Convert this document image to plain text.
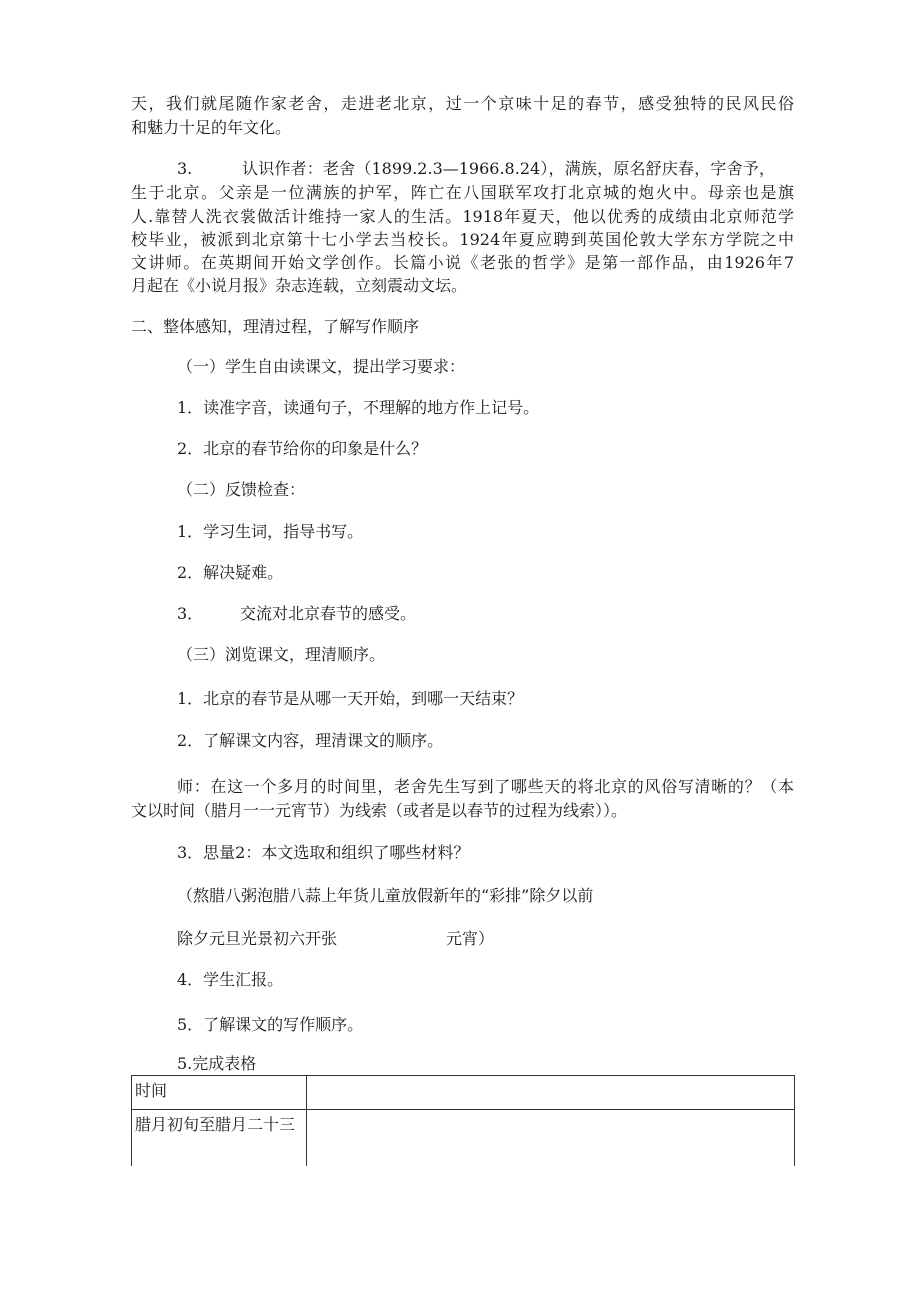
天，我们就尾随作家老舍，走进老北京，过一个京味十足的春节，感受独特的民风民俗
和魅力十足的年文化。
3.	认识作者：老舍（1899.2.3—1966.8.24），满族，原名舒庆春，字舍予，
生于北京。父亲是一位满族的护军，阵亡在八国联军攻打北京城的炮火中。母亲也是旗
人.靠替人洗衣裳做活计维持一家人的生活。1918年夏天，他以优秀的成绩由北京师范学
校毕业，被派到北京第十七小学去当校长。1924年夏应聘到英国伦敦大学东方学院之中
文讲师。在英期间开始文学创作。长篇小说《老张的哲学》是第一部作品，由1926年7
月起在《小说月报》杂志连载，立刻震动文坛。
二、整体感知，理清过程，了解写作顺序
（一）学生自由读课文，提出学习要求：
1．读准字音，读通句子，不理解的地方作上记号。
2．北京的春节给你的印象是什么？
（二）反馈检查：
1．学习生词，指导书写。
2．解决疑难。
3． 交流对北京春节的感受。
（三）浏览课文，理清顺序。
1．北京的春节是从哪一天开始，到哪一天结束？
2．了解课文内容，理清课文的顺序。
师：在这一个多月的时间里，老舍先生写到了哪些天的将北京的风俗写清晰的？（本
文以时间（腊月一一元宵节）为线索（或者是以春节的过程为线索））。
3．思量2：本文选取和组织了哪些材料？
（熬腊八粥泡腊八蒜上年货儿童放假新年的“彩排”除夕以前
除夕元旦光景初六开张	元宵）
4．学生汇报。
5．了解课文的写作顺序。
5.完成表格
时间	
腊月初旬至腊月二十三	
